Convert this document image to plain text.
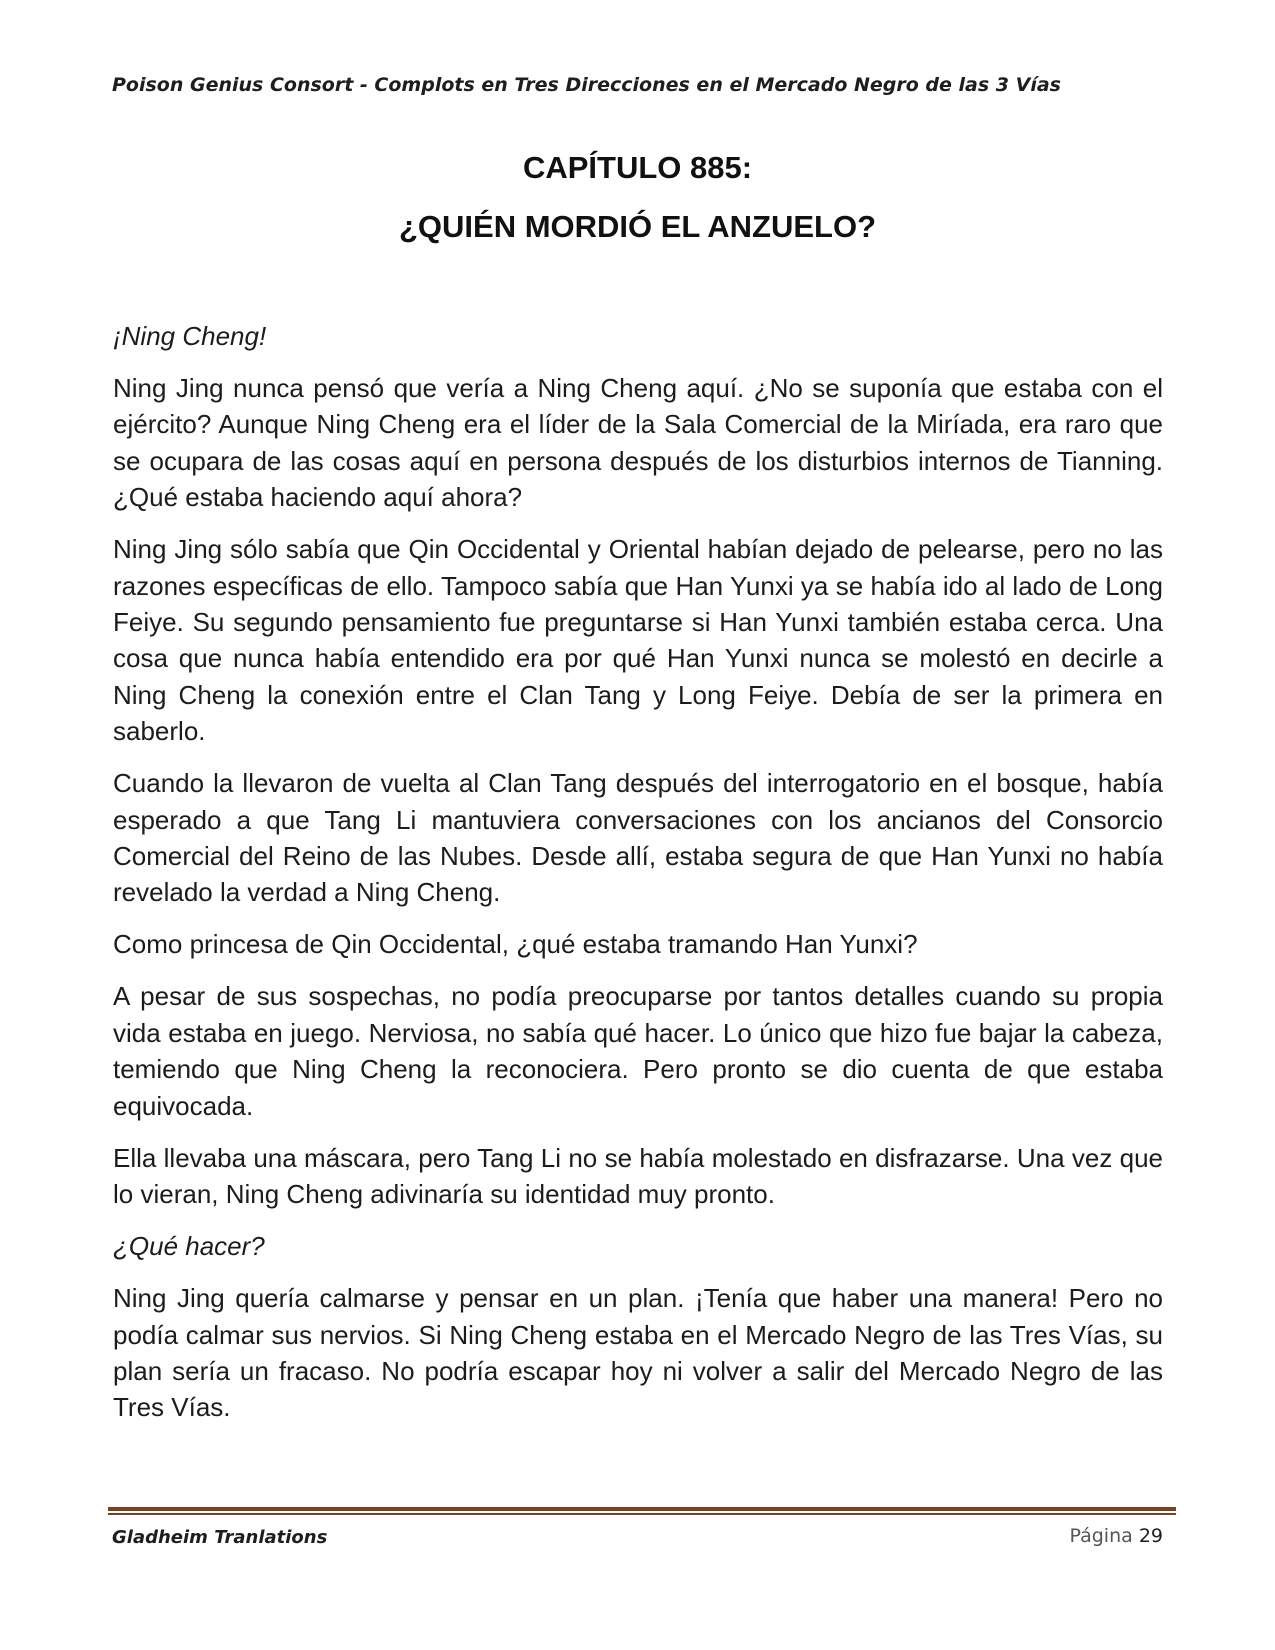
Poison Genius Consort - Complots en Tres Direcciones en el Mercado Negro de las 3 Vías
CAPÍTULO 885:
¿QUIÉN MORDIÓ EL ANZUELO?

¡Ning Cheng!

Ning Jing nunca pensó que vería a Ning Cheng aquí. ¿No se suponía que estaba con el ejército? Aunque Ning Cheng era el líder de la Sala Comercial de la Miríada, era raro que se ocupara de las cosas aquí en persona después de los disturbios internos de Tianning. ¿Qué estaba haciendo aquí ahora?

Ning Jing sólo sabía que Qin Occidental y Oriental habían dejado de pelearse, pero no las razones específicas de ello. Tampoco sabía que Han Yunxi ya se había ido al lado de Long Feiye. Su segundo pensamiento fue preguntarse si Han Yunxi también estaba cerca. Una cosa que nunca había entendido era por qué Han Yunxi nunca se molestó en decirle a Ning Cheng la conexión entre el Clan Tang y Long Feiye. Debía de ser la primera en saberlo.

Cuando la llevaron de vuelta al Clan Tang después del interrogatorio en el bosque, había esperado a que Tang Li mantuviera conversaciones con los ancianos del Consorcio Comercial del Reino de las Nubes. Desde allí, estaba segura de que Han Yunxi no había revelado la verdad a Ning Cheng.

Como princesa de Qin Occidental, ¿qué estaba tramando Han Yunxi?

A pesar de sus sospechas, no podía preocuparse por tantos detalles cuando su propia vida estaba en juego. Nerviosa, no sabía qué hacer. Lo único que hizo fue bajar la cabeza, temiendo que Ning Cheng la reconociera. Pero pronto se dio cuenta de que estaba equivocada.

Ella llevaba una máscara, pero Tang Li no se había molestado en disfrazarse. Una vez que lo vieran, Ning Cheng adivinaría su identidad muy pronto.

¿Qué hacer?

Ning Jing quería calmarse y pensar en un plan. ¡Tenía que haber una manera! Pero no podía calmar sus nervios. Si Ning Cheng estaba en el Mercado Negro de las Tres Vías, su plan sería un fracaso. No podría escapar hoy ni volver a salir del Mercado Negro de las Tres Vías.

Gladheim Tranlations	Página 29
